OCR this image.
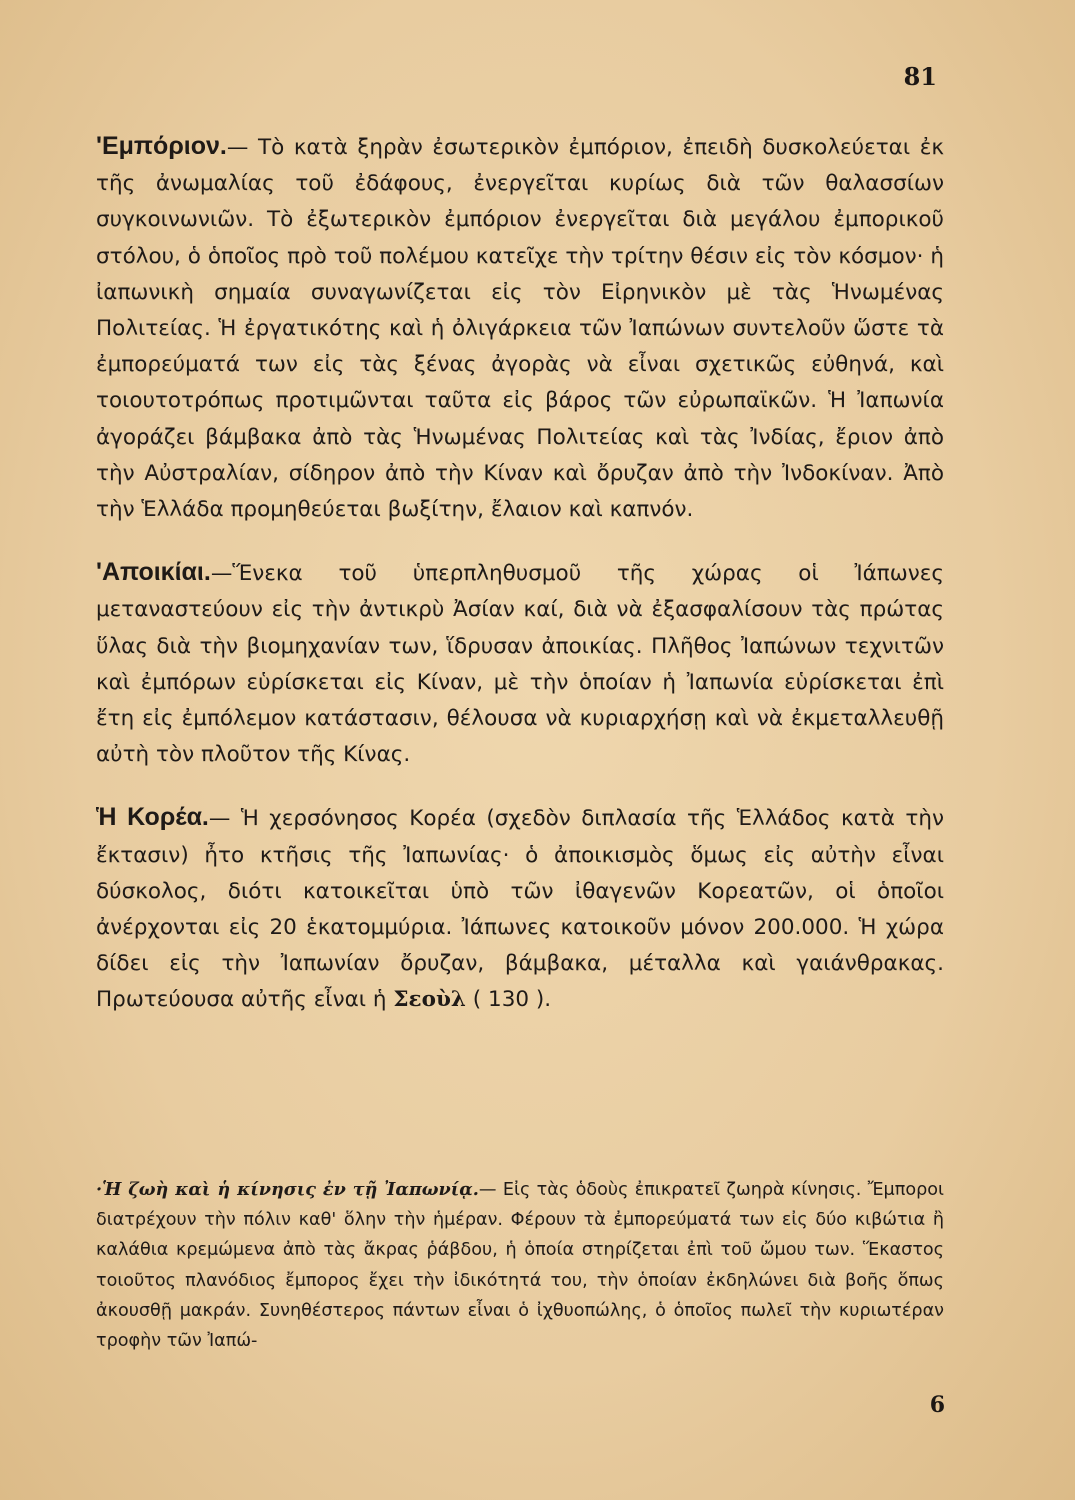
81

'Εμπόριον.— Τὸ κατὰ ξηρὰν ἐσωτερικὸν ἐμπόριον, ἐπειδὴ δυσκολεύεται ἐκ τῆς ἀνωμαλίας τοῦ ἐδάφους, ἐνεργεῖται κυρίως διὰ τῶν θαλασσίων συγκοινωνιῶν. Τὸ ἐξωτερικὸν ἐμπόριον ἐνεργεῖται διὰ μεγάλου ἐμπορικοῦ στόλου, ὁ ὁποῖος πρὸ τοῦ πολέμου κατεῖχε τὴν τρίτην θέσιν εἰς τὸν κόσμον· ἡ ἰαπωνικὴ σημαία συναγωνίζεται εἰς τὸν Εἰρηνικὸν μὲ τὰς Ἡνωμένας Πολιτείας. Ἡ ἐργατικότης καὶ ἡ ὀλιγάρκεια τῶν Ἰαπώνων συντελοῦν ὥστε τὰ ἐμπορεύματά των εἰς τὰς ξένας ἀγορὰς νὰ εἶναι σχετικῶς εὐθηνά, καὶ τοιουτοτρόπως προτιμῶνται ταῦτα εἰς βάρος τῶν εὐρωπαϊκῶν. Ἡ Ἰαπωνία ἀγοράζει βάμβακα ἀπὸ τὰς Ἡνωμένας Πολιτείας καὶ τὰς Ἰνδίας, ἔριον ἀπὸ τὴν Αὐστραλίαν, σίδηρον ἀπὸ τὴν Κίναν καὶ ὄρυζαν ἀπὸ τὴν Ἰνδοκίναν. Ἀπὸ τὴν Ἑλλάδα προμηθεύεται βωξίτην, ἔλαιον καὶ καπνόν.

'Αποικίαι.—Ἕνεκα τοῦ ὑπερπληθυσμοῦ τῆς χώρας οἱ Ἰάπωνες μεταναστεύουν εἰς τὴν ἀντικρὺ Ἀσίαν καί, διὰ νὰ ἐξασφαλίσουν τὰς πρώτας ὕλας διὰ τὴν βιομηχανίαν των, ἵδρυσαν ἀποικίας. Πλῆθος Ἰαπώνων τεχνιτῶν καὶ ἐμπόρων εὑρίσκεται εἰς Κίναν, μὲ τὴν ὁποίαν ἡ Ἰαπωνία εὑρίσκεται ἐπὶ ἔτη εἰς ἐμπόλεμον κατάστασιν, θέλουσα νὰ κυριαρχήσῃ καὶ νὰ ἐκμεταλλευθῇ αὐτὴ τὸν πλοῦτον τῆς Κίνας.

Ἡ Κορέα.— Ἡ χερσόνησος Κορέα (σχεδὸν διπλασία τῆς Ἑλλάδος κατὰ τὴν ἔκτασιν) ἦτο κτῆσις τῆς Ἰαπωνίας· ὁ ἀποικισμὸς ὅμως εἰς αὐτὴν εἶναι δύσκολος, διότι κατοικεῖται ὑπὸ τῶν ἰθαγενῶν Κορεατῶν, οἱ ὁποῖοι ἀνέρχονται εἰς 20 ἑκατομμύρια. Ἰάπωνες κατοικοῦν μόνον 200.000. Ἡ χώρα δίδει εἰς τὴν Ἰαπωνίαν ὄρυζαν, βάμβακα, μέταλλα καὶ γαιάνθρακας. Πρωτεύουσα αὐτῆς εἶναι ἡ Σεοὺλ ( 130 ).

·Ἡ ζωὴ καὶ ἡ κίνησις ἐν τῇ Ἰαπωνίᾳ.— Εἰς τὰς ὁδοὺς ἐπικρατεῖ ζωηρὰ κίνησις. Ἔμποροι διατρέχουν τὴν πόλιν καθ' ὅλην τὴν ἡμέραν. Φέρουν τὰ ἐμπορεύματά των εἰς δύο κιβώτια ἢ καλάθια κρεμώμενα ἀπὸ τὰς ἄκρας ῥάβδου, ἡ ὁποία στηρίζεται ἐπὶ τοῦ ὤμου των. Ἕκαστος τοιοῦτος πλανόδιος ἔμπορος ἔχει τὴν ἰδικότητά του, τὴν ὁποίαν ἐκδηλώνει διὰ βοῆς ὅπως ἀκουσθῇ μακράν. Συνηθέστερος πάντων εἶναι ὁ ἰχθυοπώλης, ὁ ὁποῖος πωλεῖ τὴν κυριωτέραν τροφὴν τῶν Ἰαπώ-
6
